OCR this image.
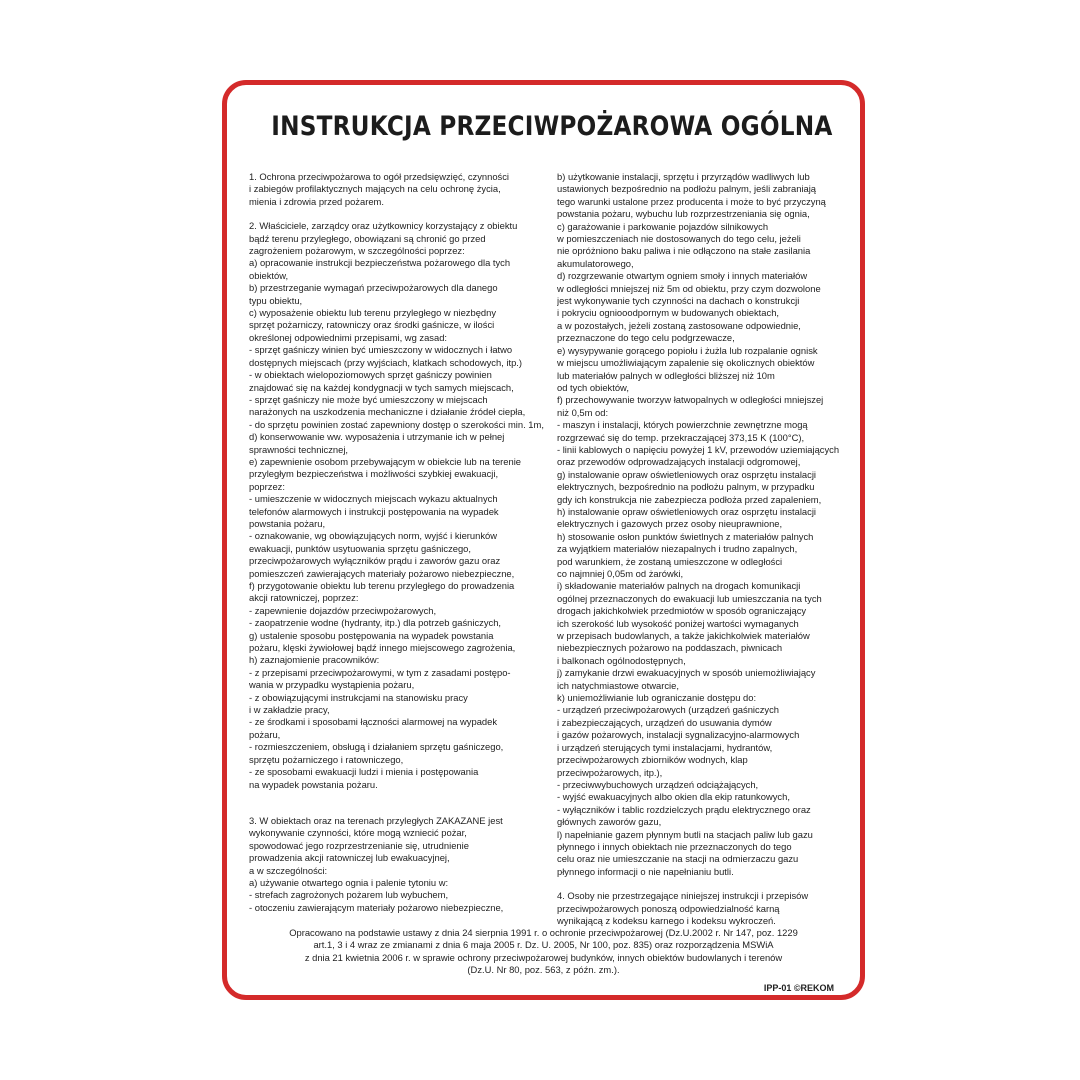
INSTRUKCJA PRZECIWPOŻAROWA OGÓLNA
1. Ochrona przeciwpożarowa to ogół przedsięwzięć, czynności
i zabiegów profilaktycznych mających na celu ochronę życia,
mienia i zdrowia przed pożarem.
2. Właściciele, zarządcy oraz użytkownicy korzystający z obiektu
bądź terenu przyległego, obowiązani są chronić go przed
zagrożeniem pożarowym, w szczególności poprzez:
a) opracowanie instrukcji bezpieczeństwa pożarowego dla tych
obiektów,
b) przestrzeganie wymagań przeciwpożarowych dla danego
typu obiektu,
c) wyposażenie obiektu lub terenu przyległego w niezbędny
sprzęt pożarniczy, ratowniczy oraz środki gaśnicze, w ilości
określonej odpowiednimi przepisami, wg zasad:
- sprzęt gaśniczy winien być umieszczony w widocznych i łatwo
dostępnych miejscach (przy wyjściach, klatkach schodowych, itp.)
- w obiektach wielopoziomowych sprzęt gaśniczy powinien
znajdować się na każdej kondygnacji w tych samych miejscach,
- sprzęt gaśniczy nie może być umieszczony w miejscach
narażonych na uszkodzenia mechaniczne i działanie źródeł ciepła,
- do sprzętu powinien zostać zapewniony dostęp o szerokości min. 1m,
d) konserwowanie ww. wyposażenia i utrzymanie ich w pełnej
sprawności technicznej,
e) zapewnienie osobom przebywającym w obiekcie lub na terenie
przyległym bezpieczeństwa i możliwości szybkiej ewakuacji,
poprzez:
- umieszczenie w widocznych miejscach wykazu aktualnych
telefonów alarmowych i instrukcji postępowania na wypadek
powstania pożaru,
- oznakowanie, wg obowiązujących norm, wyjść i kierunków
ewakuacji, punktów usytuowania sprzętu gaśniczego,
przeciwpożarowych wyłączników prądu i zaworów gazu oraz
pomieszczeń zawierających materiały pożarowo niebezpieczne,
f) przygotowanie obiektu lub terenu przyległego do prowadzenia
akcji ratowniczej, poprzez:
- zapewnienie dojazdów przeciwpożarowych,
- zaopatrzenie wodne (hydranty, itp.) dla potrzeb gaśniczych,
g) ustalenie sposobu postępowania na wypadek powstania
pożaru, klęski żywiołowej bądź innego miejscowego zagrożenia,
h) zaznajomienie pracowników:
- z przepisami przeciwpożarowymi, w tym z zasadami postępo-
wania w przypadku wystąpienia pożaru,
- z obowiązującymi instrukcjami na stanowisku pracy
i w zakładzie pracy,
- ze środkami i sposobami łączności alarmowej na wypadek
pożaru,
- rozmieszczeniem, obsługą i działaniem sprzętu gaśniczego,
sprzętu pożarniczego i ratowniczego,
- ze sposobami ewakuacji ludzi i mienia i postępowania
na wypadek powstania pożaru.
3. W obiektach oraz na terenach przyległych ZAKAZANE jest
wykonywanie czynności, które mogą wzniecić pożar,
spowodować jego rozprzestrzenianie się, utrudnienie
prowadzenia akcji ratowniczej lub ewakuacyjnej,
a w szczególności:
a) używanie otwartego ognia i palenie tytoniu w:
- strefach zagrożonych pożarem lub wybuchem,
- otoczeniu zawierającym materiały pożarowo niebezpieczne,
b) użytkowanie instalacji, sprzętu i przyrządów wadliwych lub
ustawionych bezpośrednio na podłożu palnym, jeśli zabraniają
tego warunki ustalone przez producenta i może to być przyczyną
powstania pożaru, wybuchu lub rozprzestrzeniania się ognia,
c) garażowanie i parkowanie pojazdów silnikowych
w pomieszczeniach nie dostosowanych do tego celu, jeżeli
nie opróżniono baku paliwa i nie odłączono na stałe zasilania
akumulatorowego,
d) rozgrzewanie otwartym ogniem smoły i innych materiałów
w odległości mniejszej niż 5m od obiektu, przy czym dozwolone
jest wykonywanie tych czynności na dachach o konstrukcji
i pokryciu ogniooodpornym w budowanych obiektach,
a w pozostałych, jeżeli zostaną zastosowane odpowiednie,
przeznaczone do tego celu podgrzewacze,
e) wysypywanie gorącego popiołu i żużla lub rozpalanie ognisk
w miejscu umożliwiającym zapalenie się okolicznych obiektów
lub materiałów palnych w odległości bliższej niż 10m
od tych obiektów,
f) przechowywanie tworzyw łatwopalnych w odległości mniejszej
niż 0,5m od:
- maszyn i instalacji, których powierzchnie zewnętrzne mogą
rozgrzewać się do temp. przekraczającej 373,15 K (100°C),
- linii kablowych o napięciu powyżej 1 kV, przewodów uziemiających
oraz przewodów odprowadzających instalacji odgromowej,
g) instalowanie opraw oświetleniowych oraz osprzętu instalacji
elektrycznych, bezpośrednio na podłożu palnym, w przypadku
gdy ich konstrukcja nie zabezpiecza podłoża przed zapaleniem,
h) instalowanie opraw oświetleniowych oraz osprzętu instalacji
elektrycznych i gazowych przez osoby nieuprawnione,
h) stosowanie osłon punktów świetlnych z materiałów palnych
za wyjątkiem materiałów niezapalnych i trudno zapalnych,
pod warunkiem, że zostaną umieszczone w odległości
co najmniej 0,05m od żarówki,
i) składowanie materiałów palnych na drogach komunikacji
ogólnej przeznaczonych do ewakuacji lub umieszczania na tych
drogach jakichkolwiek przedmiotów w sposób ograniczający
ich szerokość lub wysokość poniżej wartości wymaganych
w przepisach budowlanych, a także jakichkolwiek materiałów
niebezpiecznych pożarowo na poddaszach, piwnicach
i balkonach ogólnodostępnych,
j) zamykanie drzwi ewakuacyjnych w sposób uniemożliwiający
ich natychmiastowe otwarcie,
k) uniemożliwianie lub ograniczanie dostępu do:
- urządzeń przeciwpożarowych (urządzeń gaśniczych
i zabezpieczających, urządzeń do usuwania dymów
i gazów pożarowych, instalacji sygnalizacyjno-alarmowych
i urządzeń sterujących tymi instalacjami, hydrantów,
przeciwpożarowych zbiorników wodnych, klap
przeciwpożarowych, itp.),
- przeciwwybuchowych urządzeń odciążających,
- wyjść ewakuacyjnych albo okien dla ekip ratunkowych,
- wyłączników i tablic rozdzielczych prądu elektrycznego oraz
głównych zaworów gazu,
l) napełnianie gazem płynnym butli na stacjach paliw lub gazu
płynnego i innych obiektach nie przeznaczonych do tego
celu oraz nie umieszczanie na stacji na odmierzaczu gazu
płynnego informacji o nie napełnianiu butli.
4. Osoby nie przestrzegające niniejszej instrukcji i przepisów
przeciwpożarowych ponoszą odpowiedzialność karną
wynikającą z kodeksu karnego i kodeksu wykroczeń.
Opracowano na podstawie ustawy z dnia 24 sierpnia 1991 r. o ochronie przeciwpożarowej (Dz.U.2002 r. Nr 147, poz. 1229
art.1, 3 i 4 wraz ze zmianami z dnia 6 maja 2005 r. Dz. U. 2005, Nr 100, poz. 835) oraz rozporządzenia MSWiA
z dnia 21 kwietnia 2006 r. w sprawie ochrony przeciwpożarowej budynków, innych obiektów budowlanych i terenów
(Dz.U. Nr 80, poz. 563, z późn. zm.).
IPP-01 ©REKOM
